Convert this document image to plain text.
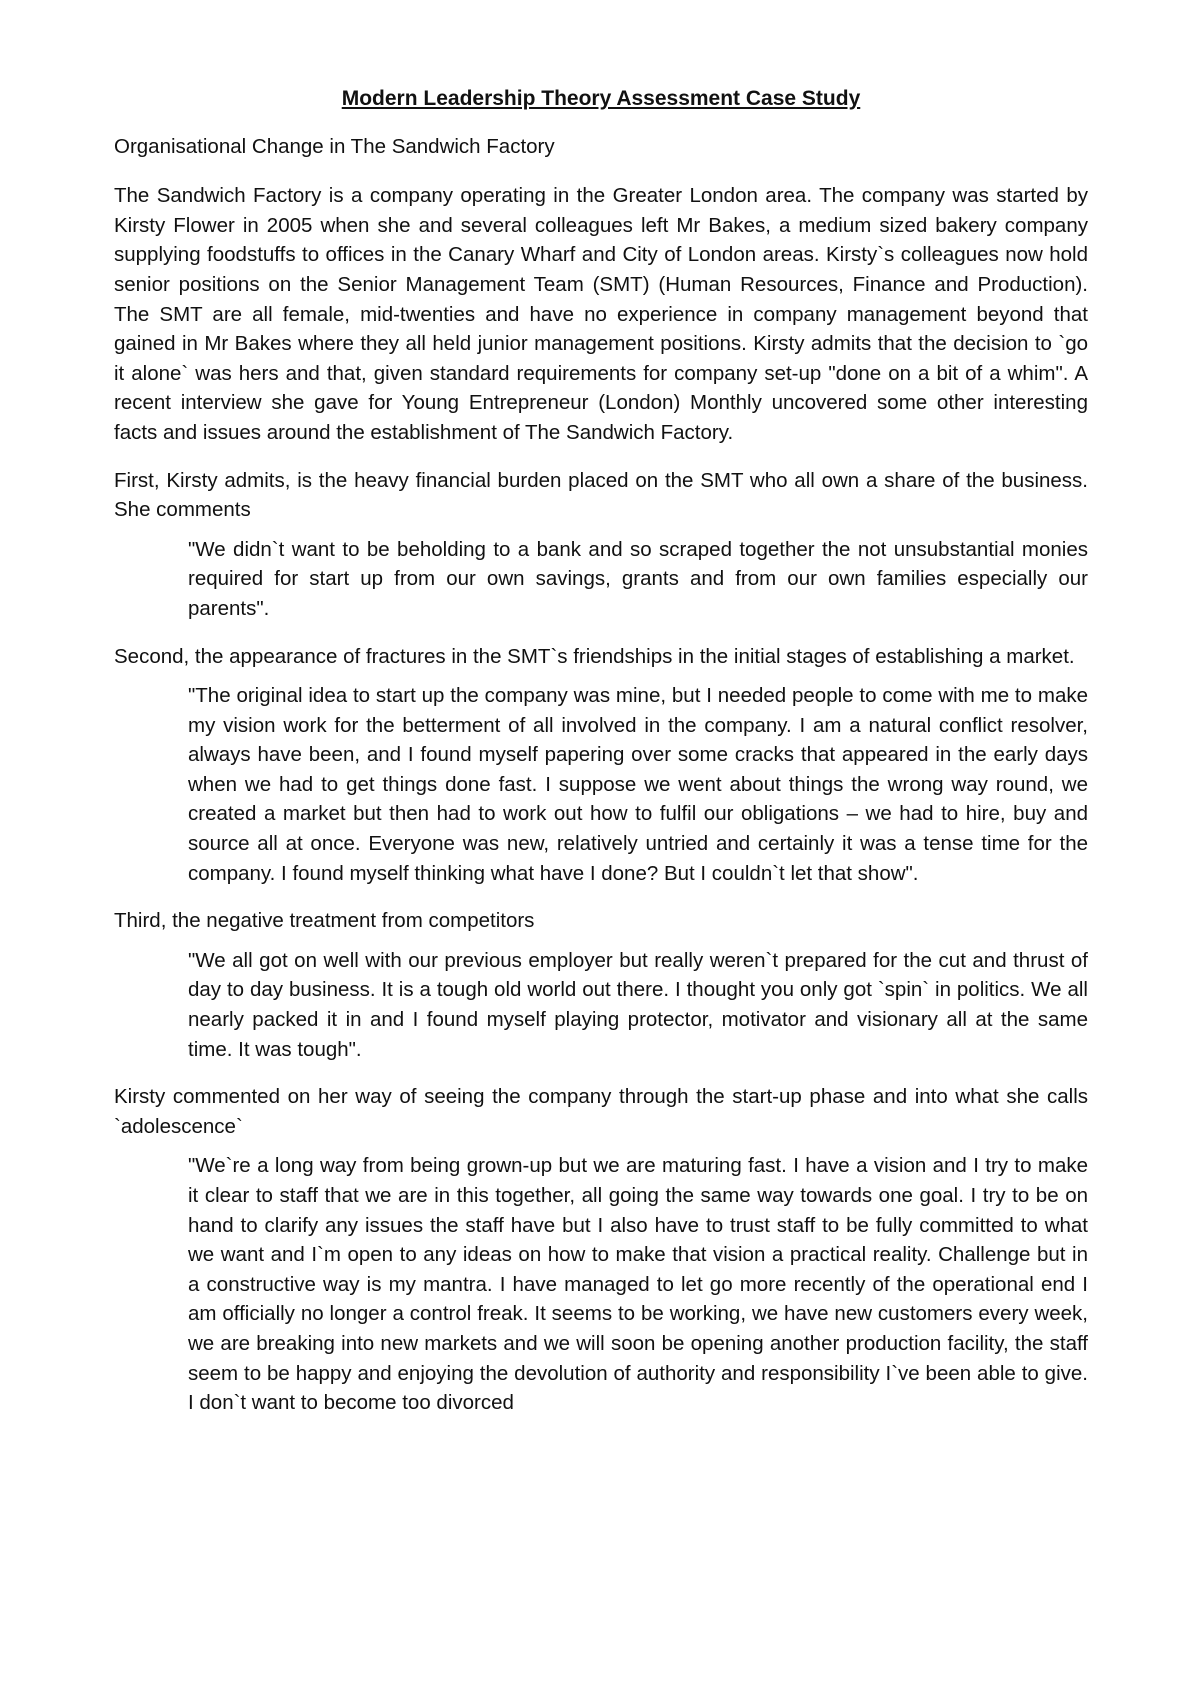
Modern Leadership Theory Assessment Case Study
Organisational Change in The Sandwich Factory

The Sandwich Factory is a company operating in the Greater London area. The company was started by Kirsty Flower in 2005 when she and several colleagues left Mr Bakes, a medium sized bakery company supplying foodstuffs to offices in the Canary Wharf and City of London areas. Kirsty`s colleagues now hold senior positions on the Senior Management Team (SMT) (Human Resources, Finance and Production). The SMT are all female, mid-twenties and have no experience in company management beyond that gained in Mr Bakes where they all held junior management positions. Kirsty admits that the decision to `go it alone` was hers and that, given standard requirements for company set-up "done on a bit of a whim". A recent interview she gave for Young Entrepreneur (London) Monthly uncovered some other interesting facts and issues around the establishment of The Sandwich Factory.

First, Kirsty admits, is the heavy financial burden placed on the SMT who all own a share of the business. She comments

"We didn`t want to be beholding to a bank and so scraped together the not unsubstantial monies required for start up from our own savings, grants and from our own families especially our parents".

Second, the appearance of fractures in the SMT`s friendships in the initial stages of establishing a market.

"The original idea to start up the company was mine, but I needed people to come with me to make my vision work for the betterment of all involved in the company. I am a natural conflict resolver, always have been, and I found myself papering over some cracks that appeared in the early days when we had to get things done fast. I suppose we went about things the wrong way round, we created a market but then had to work out how to fulfil our obligations – we had to hire, buy and source all at once. Everyone was new, relatively untried and certainly it was a tense time for the company. I found myself thinking what have I done? But I couldn`t let that show".

Third, the negative treatment from competitors

"We all got on well with our previous employer but really weren`t prepared for the cut and thrust of day to day business. It is a tough old world out there. I thought you only got `spin` in politics. We all nearly packed it in and I found myself playing protector, motivator and visionary all at the same time. It was tough".

Kirsty commented on her way of seeing the company through the start-up phase and into what she calls `adolescence`

"We`re a long way from being grown-up but we are maturing fast. I have a vision and I try to make it clear to staff that we are in this together, all going the same way towards one goal. I try to be on hand to clarify any issues the staff have but I also have to trust staff to be fully committed to what we want and I`m open to any ideas on how to make that vision a practical reality. Challenge but in a constructive way is my mantra. I have managed to let go more recently of the operational end I am officially no longer a control freak. It seems to be working, we have new customers every week, we are breaking into new markets and we will soon be opening another production facility, the staff seem to be happy and enjoying the devolution of authority and responsibility I`ve been able to give. I don`t want to become too divorced
